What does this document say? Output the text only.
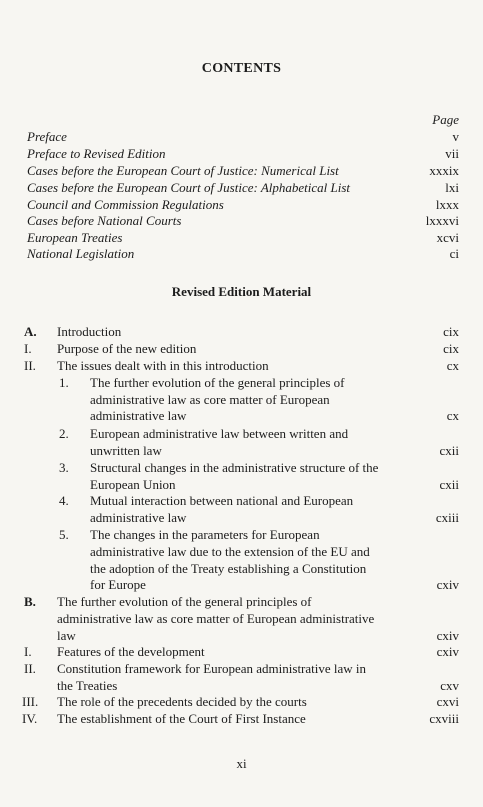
CONTENTS
Page
Preface	v
Preface to Revised Edition	vii
Cases before the European Court of Justice: Numerical List	xxxix
Cases before the European Court of Justice: Alphabetical List	lxi
Council and Commission Regulations	lxxx
Cases before National Courts	lxxxvi
European Treaties	xcvi
National Legislation	ci
Revised Edition Material
A. Introduction	cix
I. Purpose of the new edition	cix
II. The issues dealt with in this introduction	cx
1. The further evolution of the general principles of
administrative law as core matter of European
administrative law	cx
2. European administrative law between written and
unwritten law	cxii
3. Structural changes in the administrative structure of the
European Union	cxii
4. Mutual interaction between national and European
administrative law	cxiii
5. The changes in the parameters for European
administrative law due to the extension of the EU and
the adoption of the Treaty establishing a Constitution
for Europe	cxiv
B. The further evolution of the general principles of
administrative law as core matter of European administrative
law	cxiv
I. Features of the development	cxiv
II. Constitution framework for European administrative law in
the Treaties	cxv
III. The role of the precedents decided by the courts	cxvi
IV. The establishment of the Court of First Instance	cxviii
xi
